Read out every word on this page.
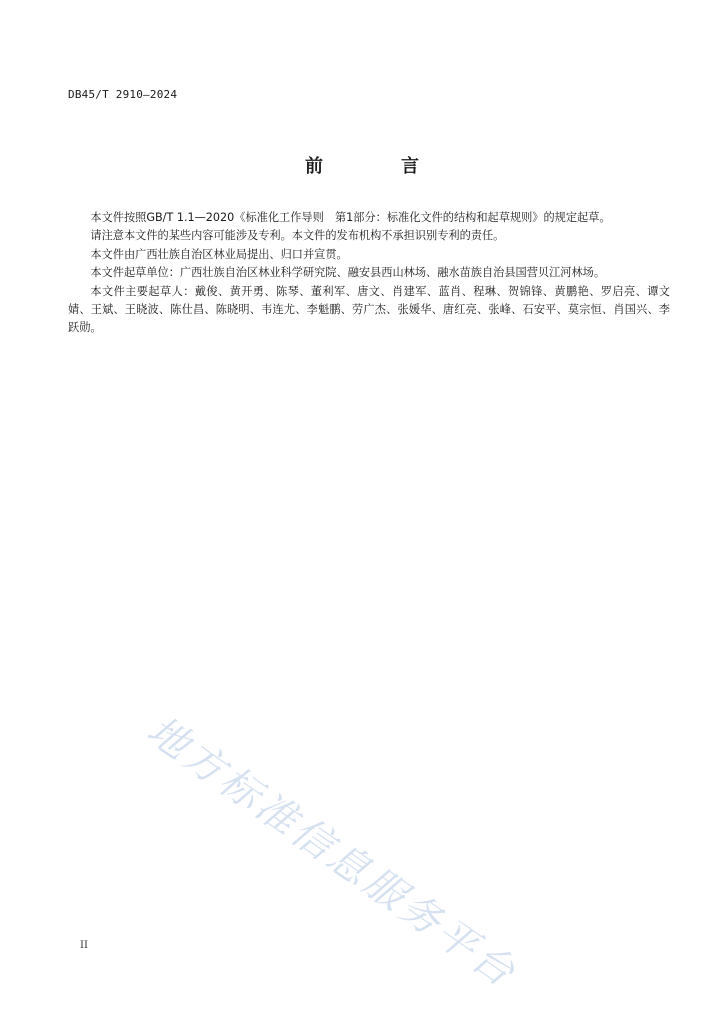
DB45/T 2910—2024
前　言

本文件按照GB/T 1.1—2020《标准化工作导则　第1部分：标准化文件的结构和起草规则》的规定起草。

请注意本文件的某些内容可能涉及专利。本文件的发布机构不承担识别专利的责任。

本文件由广西壮族自治区林业局提出、归口并宣贯。

本文件起草单位：广西壮族自治区林业科学研究院、融安县西山林场、融水苗族自治县国营贝江河林场。

本文件主要起草人：戴俊、黄开勇、陈琴、董利军、唐文、肖建军、蓝肖、程琳、贺锦锋、黄鹏艳、罗启亮、谭文婧、王斌、王晓波、陈仕昌、陈晓明、韦连尤、李魁鹏、劳广杰、张媛华、唐红亮、张峰、石安平、莫宗恒、肖国兴、李跃勋。

地方标准信息服务平台
II
